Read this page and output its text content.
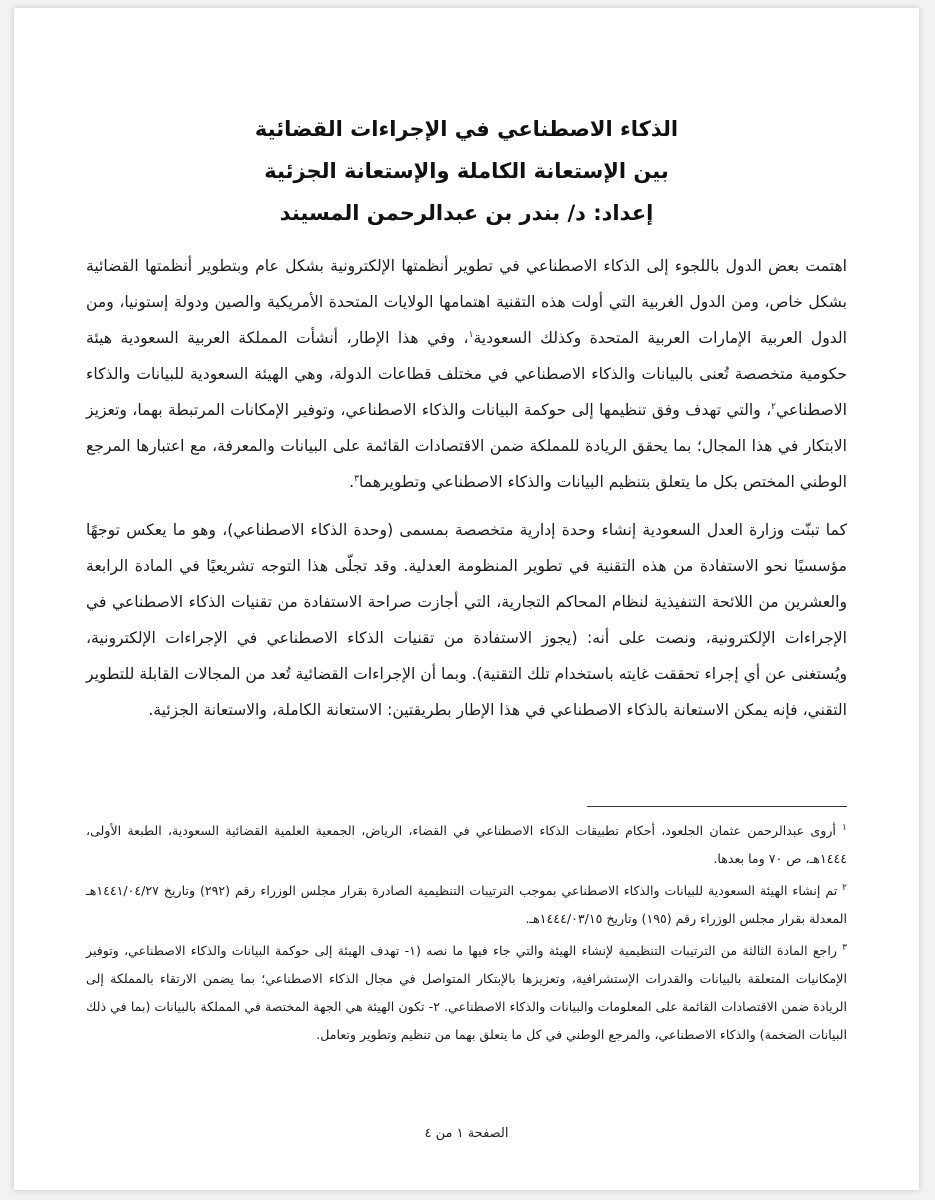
الذكاء الاصطناعي في الإجراءات القضائية
بين الإستعانة الكاملة والإستعانة الجزئية
إعداد: د/ بندر بن عبدالرحمن المسيند

اهتمت بعض الدول باللجوء إلى الذكاء الاصطناعي في تطوير أنظمتها الإلكترونية بشكل عام وبتطوير أنظمتها القضائية بشكل خاص، ومن الدول الغربية التي أولت هذه التقنية اهتمامها الولايات المتحدة الأمريكية والصين ودولة إستونيا، ومن الدول العربية الإمارات العربية المتحدة وكذلك السعودية$^١$، وفي هذا الإطار، أنشأت المملكة العربية السعودية هيئة حكومية متخصصة تُعنى بالبيانات والذكاء الاصطناعي في مختلف قطاعات الدولة، وهي الهيئة السعودية للبيانات والذكاء الاصطناعي$^٢$، والتي تهدف وفق تنظيمها إلى حوكمة البيانات والذكاء الاصطناعي، وتوفير الإمكانات المرتبطة بهما، وتعزيز الابتكار في هذا المجال؛ بما يحقق الريادة للمملكة ضمن الاقتصادات القائمة على البيانات والمعرفة، مع اعتبارها المرجع الوطني المختص بكل ما يتعلق بتنظيم البيانات والذكاء الاصطناعي وتطويرهما$^٣$.

كما تبنّت وزارة العدل السعودية إنشاء وحدة إدارية متخصصة بمسمى (وحدة الذكاء الاصطناعي)، وهو ما يعكس توجهًا مؤسسيًا نحو الاستفادة من هذه التقنية في تطوير المنظومة العدلية. وقد تجلّى هذا التوجه تشريعيًا في المادة الرابعة والعشرين من اللائحة التنفيذية لنظام المحاكم التجارية، التي أجازت صراحة الاستفادة من تقنيات الذكاء الاصطناعي في الإجراءات الإلكترونية، ونصت على أنه: (يجوز الاستفادة من تقنيات الذكاء الاصطناعي في الإجراءات الإلكترونية، ويُستغنى عن أي إجراء تحققت غايته باستخدام تلك التقنية). وبما أن الإجراءات القضائية تُعد من المجالات القابلة للتطوير التقني، فإنه يمكن الاستعانة بالذكاء الاصطناعي في هذا الإطار بطريقتين: الاستعانة الكاملة، والاستعانة الجزئية.

$^١$ أروى عبدالرحمن عثمان الجلعود، أحكام تطبيقات الذكاء الاصطناعي في القضاء، الرياض، الجمعية العلمية القضائية السعودية، الطبعة الأولى، ١٤٤٤هـ، ص ٧٠ وما بعدها.

$^٢$ تم إنشاء الهيئة السعودية للبيانات والذكاء الاصطناعي بموجب الترتيبات التنظيمية الصادرة بقرار مجلس الوزراء رقم (٢٩٢) وتاريخ ١٤٤١/٠٤/٢٧هـ المعدلة بقرار مجلس الوزراء رقم (١٩٥) وتاريخ ١٤٤٤/٠٣/١٥هـ.

$^٣$ راجع المادة الثالثة من الترتيبات التنظيمية لإنشاء الهيئة والتي جاء فيها ما نصه (١- تهدف الهيئة إلى حوكمة البيانات والذكاء الاصطناعي، وتوفير الإمكانيات المتعلقة بالبيانات والقدرات الإستشرافية، وتعزيزها بالإبتكار المتواصل في مجال الذكاء الاصطناعي؛ بما يضمن الارتقاء بالمملكة إلى الريادة ضمن الاقتصادات القائمة على المعلومات والبيانات والذكاء الاصطناعي. ٢- تكون الهيئة هي الجهة المختصة في المملكة بالبيانات (بما في ذلك البيانات الضخمة) والذكاء الاصطناعي، والمرجع الوطني في كل ما يتعلق بهما من تنظيم وتطوير وتعامل.

الصفحة ١ من ٤
